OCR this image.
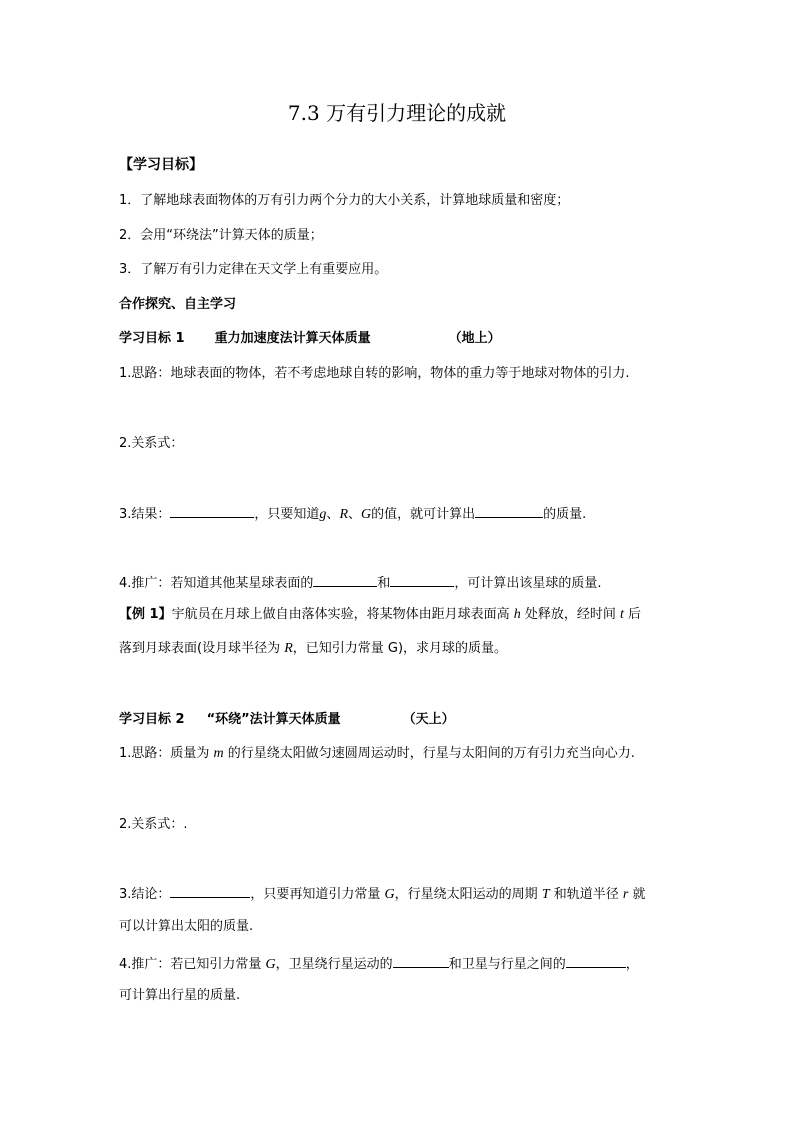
7.3 万有引力理论的成就
【学习目标】
1．了解地球表面物体的万有引力两个分力的大小关系，计算地球质量和密度；
2．会用“环绕法”计算天体的质量；
3．了解万有引力定律在天文学上有重要应用。
合作探究、自主学习
学习目标 1 重力加速度法计算天体质量	（地上）
1.思路：地球表面的物体，若不考虑地球自转的影响，物体的重力等于地球对物体的引力.
2.关系式：
3.结果：	，只要知道g、R、G的值，就可计算出	的质量.
4.推广：若知道其他某星球表面的	和	，可计算出该星球的质量.
【例 1】宇航员在月球上做自由落体实验，将某物体由距月球表面高 h 处释放，经时间 t 后
落到月球表面(设月球半径为 R，已知引力常量 G)，求月球的质量。
学习目标 2 “环绕”法计算天体质量	（天上）
1.思路：质量为 m 的行星绕太阳做匀速圆周运动时，行星与太阳间的万有引力充当向心力.
2.关系式：.
3.结论：	，只要再知道引力常量 G，行星绕太阳运动的周期 T 和轨道半径 r 就
可以计算出太阳的质量.
4.推广：若已知引力常量 G，卫星绕行星运动的	和卫星与行星之间的	，
可计算出行星的质量.
